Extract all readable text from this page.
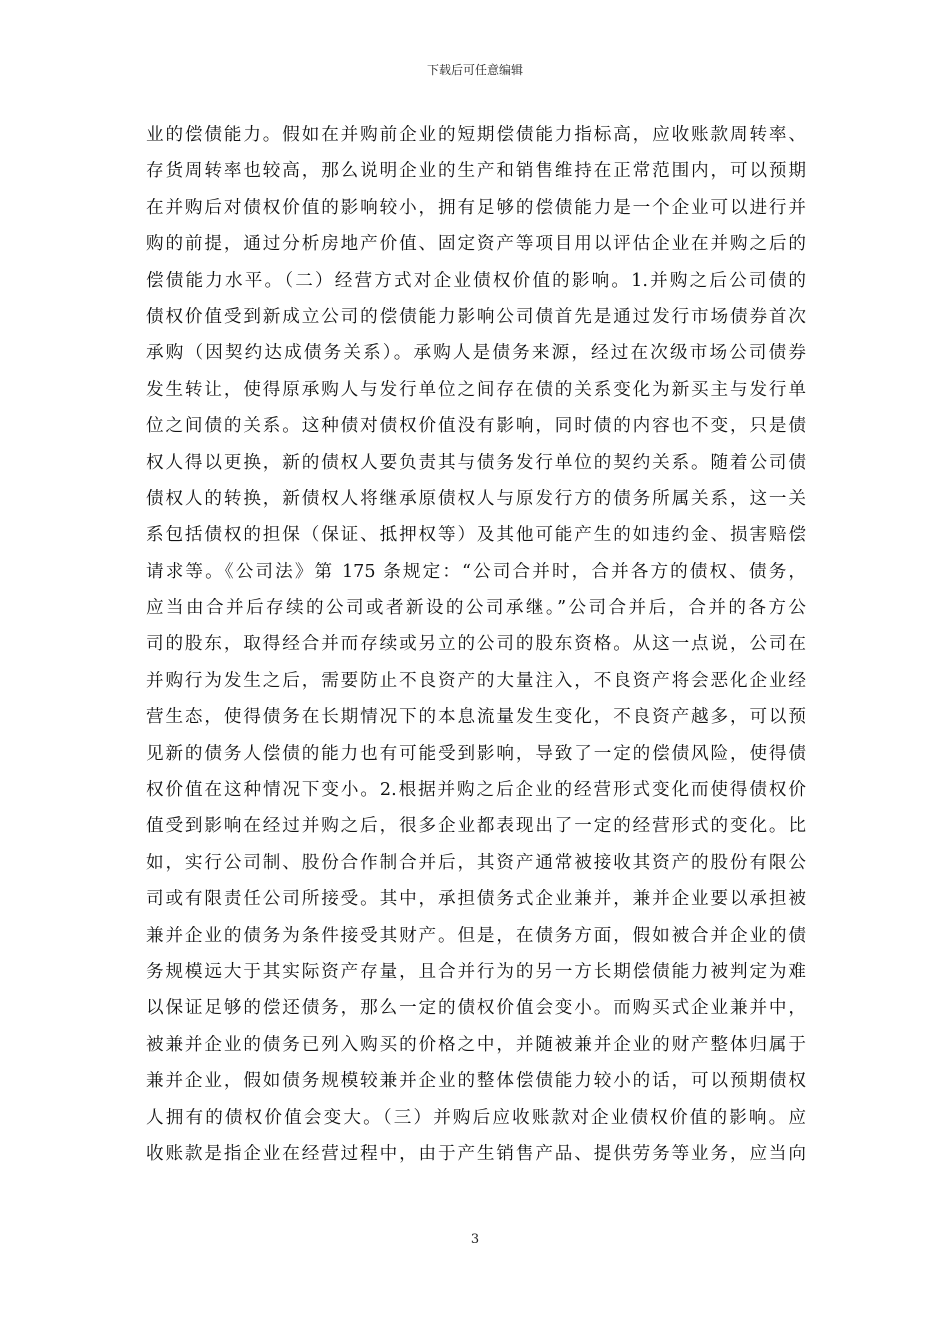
下载后可任意编辑
业的偿债能力。假如在并购前企业的短期偿债能力指标高，应收账款周转率、
存货周转率也较高，那么说明企业的生产和销售维持在正常范围内，可以预期
在并购后对债权价值的影响较小，拥有足够的偿债能力是一个企业可以进行并
购的前提，通过分析房地产价值、固定资产等项目用以评估企业在并购之后的
偿债能力水平。（二）经营方式对企业债权价值的影响。1.并购之后公司债的
债权价值受到新成立公司的偿债能力影响公司债首先是通过发行市场债券首次
承购（因契约达成债务关系）。承购人是债务来源，经过在次级市场公司债券
发生转让，使得原承购人与发行单位之间存在债的关系变化为新买主与发行单
位之间债的关系。这种债对债权价值没有影响，同时债的内容也不变，只是债
权人得以更换，新的债权人要负责其与债务发行单位的契约关系。随着公司债
债权人的转换，新债权人将继承原债权人与原发行方的债务所属关系，这一关
系包括债权的担保（保证、抵押权等）及其他可能产生的如违约金、损害赔偿
请求等。《公司法》第 175 条规定：“公司合并时，合并各方的债权、债务，
应当由合并后存续的公司或者新设的公司承继。”公司合并后，合并的各方公
司的股东，取得经合并而存续或另立的公司的股东资格。从这一点说，公司在
并购行为发生之后，需要防止不良资产的大量注入，不良资产将会恶化企业经
营生态，使得债务在长期情况下的本息流量发生变化，不良资产越多，可以预
见新的债务人偿债的能力也有可能受到影响，导致了一定的偿债风险，使得债
权价值在这种情况下变小。2.根据并购之后企业的经营形式变化而使得债权价
值受到影响在经过并购之后，很多企业都表现出了一定的经营形式的变化。比
如，实行公司制、股份合作制合并后，其资产通常被接收其资产的股份有限公
司或有限责任公司所接受。其中，承担债务式企业兼并，兼并企业要以承担被
兼并企业的债务为条件接受其财产。但是，在债务方面，假如被合并企业的债
务规模远大于其实际资产存量，且合并行为的另一方长期偿债能力被判定为难
以保证足够的偿还债务，那么一定的债权价值会变小。而购买式企业兼并中，
被兼并企业的债务已列入购买的价格之中，并随被兼并企业的财产整体归属于
兼并企业，假如债务规模较兼并企业的整体偿债能力较小的话，可以预期债权
人拥有的债权价值会变大。（三）并购后应收账款对企业债权价值的影响。应
收账款是指企业在经营过程中，由于产生销售产品、提供劳务等业务，应当向
3
